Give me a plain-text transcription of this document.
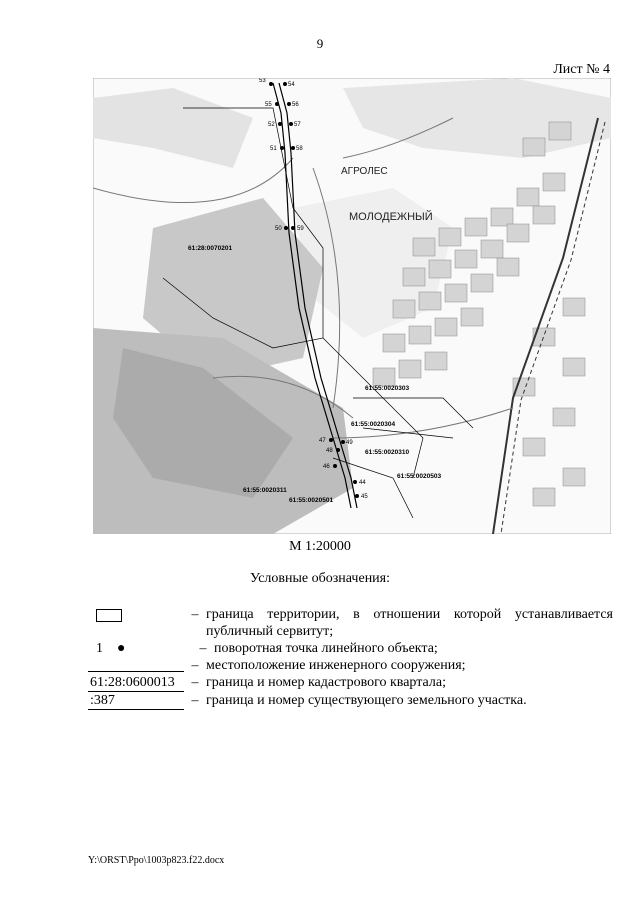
9
Лист № 4
53
54
55	56
52	57
51	58
59
50
47
48
49
46
44
45
АГРОЛЕС
МОЛОДЕЖНЫЙ
61:28:0070201
61:55:0020303
61:55:0020304
61:55:0020310
61:55:0020503
61:55:0020311
61:55:0020501
М 1:20000
Условные обозначения:
– граница территории, в отношении которой устанавливается публичный сервитут;
1 ●	– поворотная точка линейного объекта;
– местоположение инженерного сооружения;
61:28:0600013	– граница и номер кадастрового квартала;
:387	– граница и номер существующего земельного участка.
Y:\ORST\Ppo\1003p823.f22.docx
